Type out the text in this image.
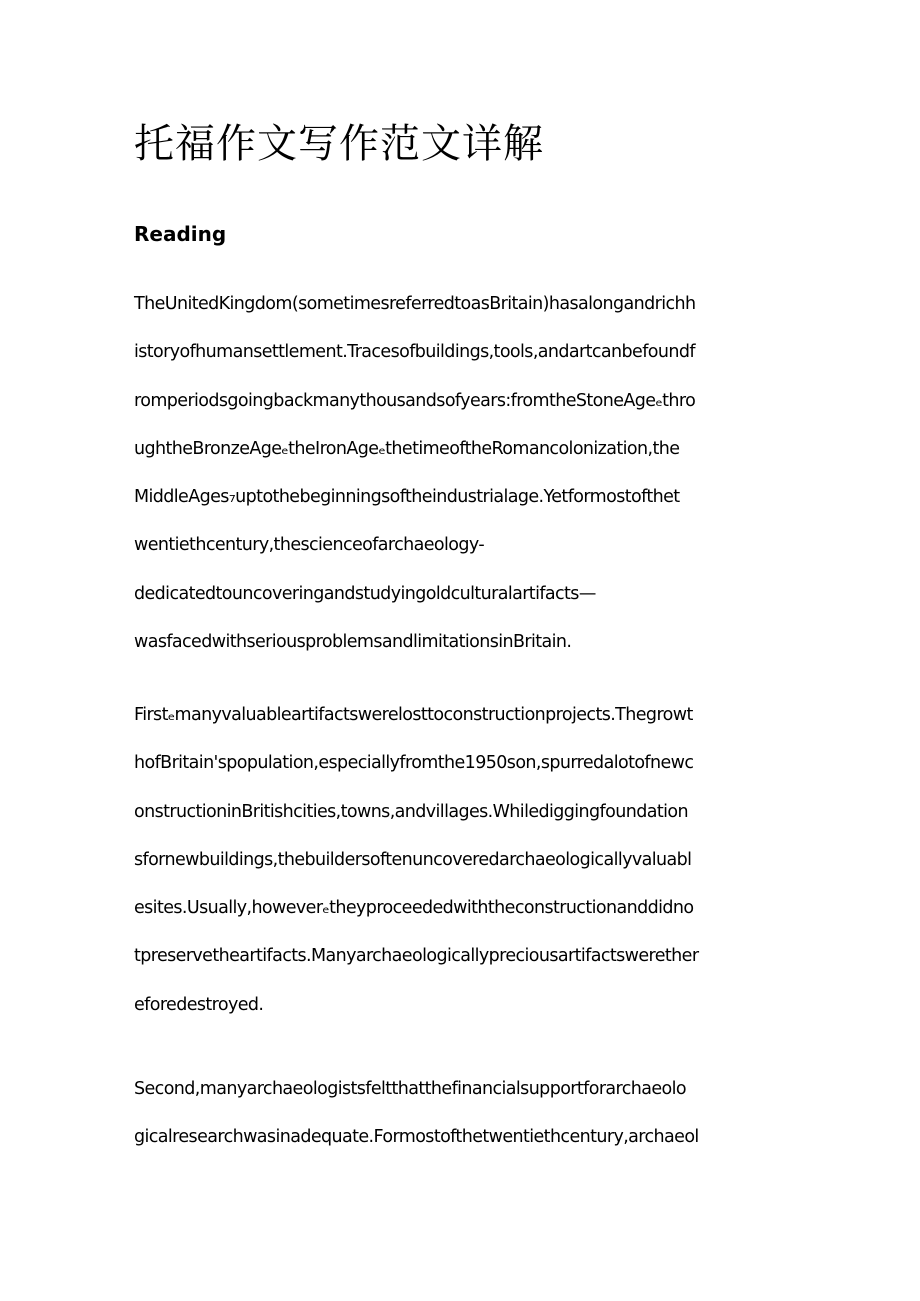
托福作文写作范文详解
Reading
TheUnitedKingdom(sometimesreferredtoasBritain)hasalongandrichh
istoryofhumansettlement.Tracesofbuildings,tools,andartcanbefoundf
romperiodsgoingbackmanythousandsofyears:fromtheStoneAgeₑthro
ughtheBronzeAgeₑtheIronAgeₑthetimeoftheRomancolonization,the
MiddleAges₇uptothebeginningsoftheindustrialage.Yetformostofthet
wentiethcentury,thescienceofarchaeology-
dedicatedtouncoveringandstudyingoldculturalartifacts—
wasfacedwithseriousproblemsandlimitationsinBritain.
Firstₑmanyvaluableartifactswerelosttoconstructionprojects.Thegrowt
hofBritain'spopulation,especiallyfromthe1950son,spurredalotofnewc
onstructioninBritishcities,towns,andvillages.Whilediggingfoundation
sfornewbuildings,thebuildersoftenuncoveredarchaeologicallyvaluabl
esites.Usually,howeverₑtheyproceededwiththeconstructionanddidno
tpreservetheartifacts.Manyarchaeologicallypreciousartifactswerether
eforedestroyed.
Second,manyarchaeologistsfeltthatthefinancialsupportforarchaeolo
gicalresearchwasinadequate.Formostofthetwentiethcentury,archaeol
